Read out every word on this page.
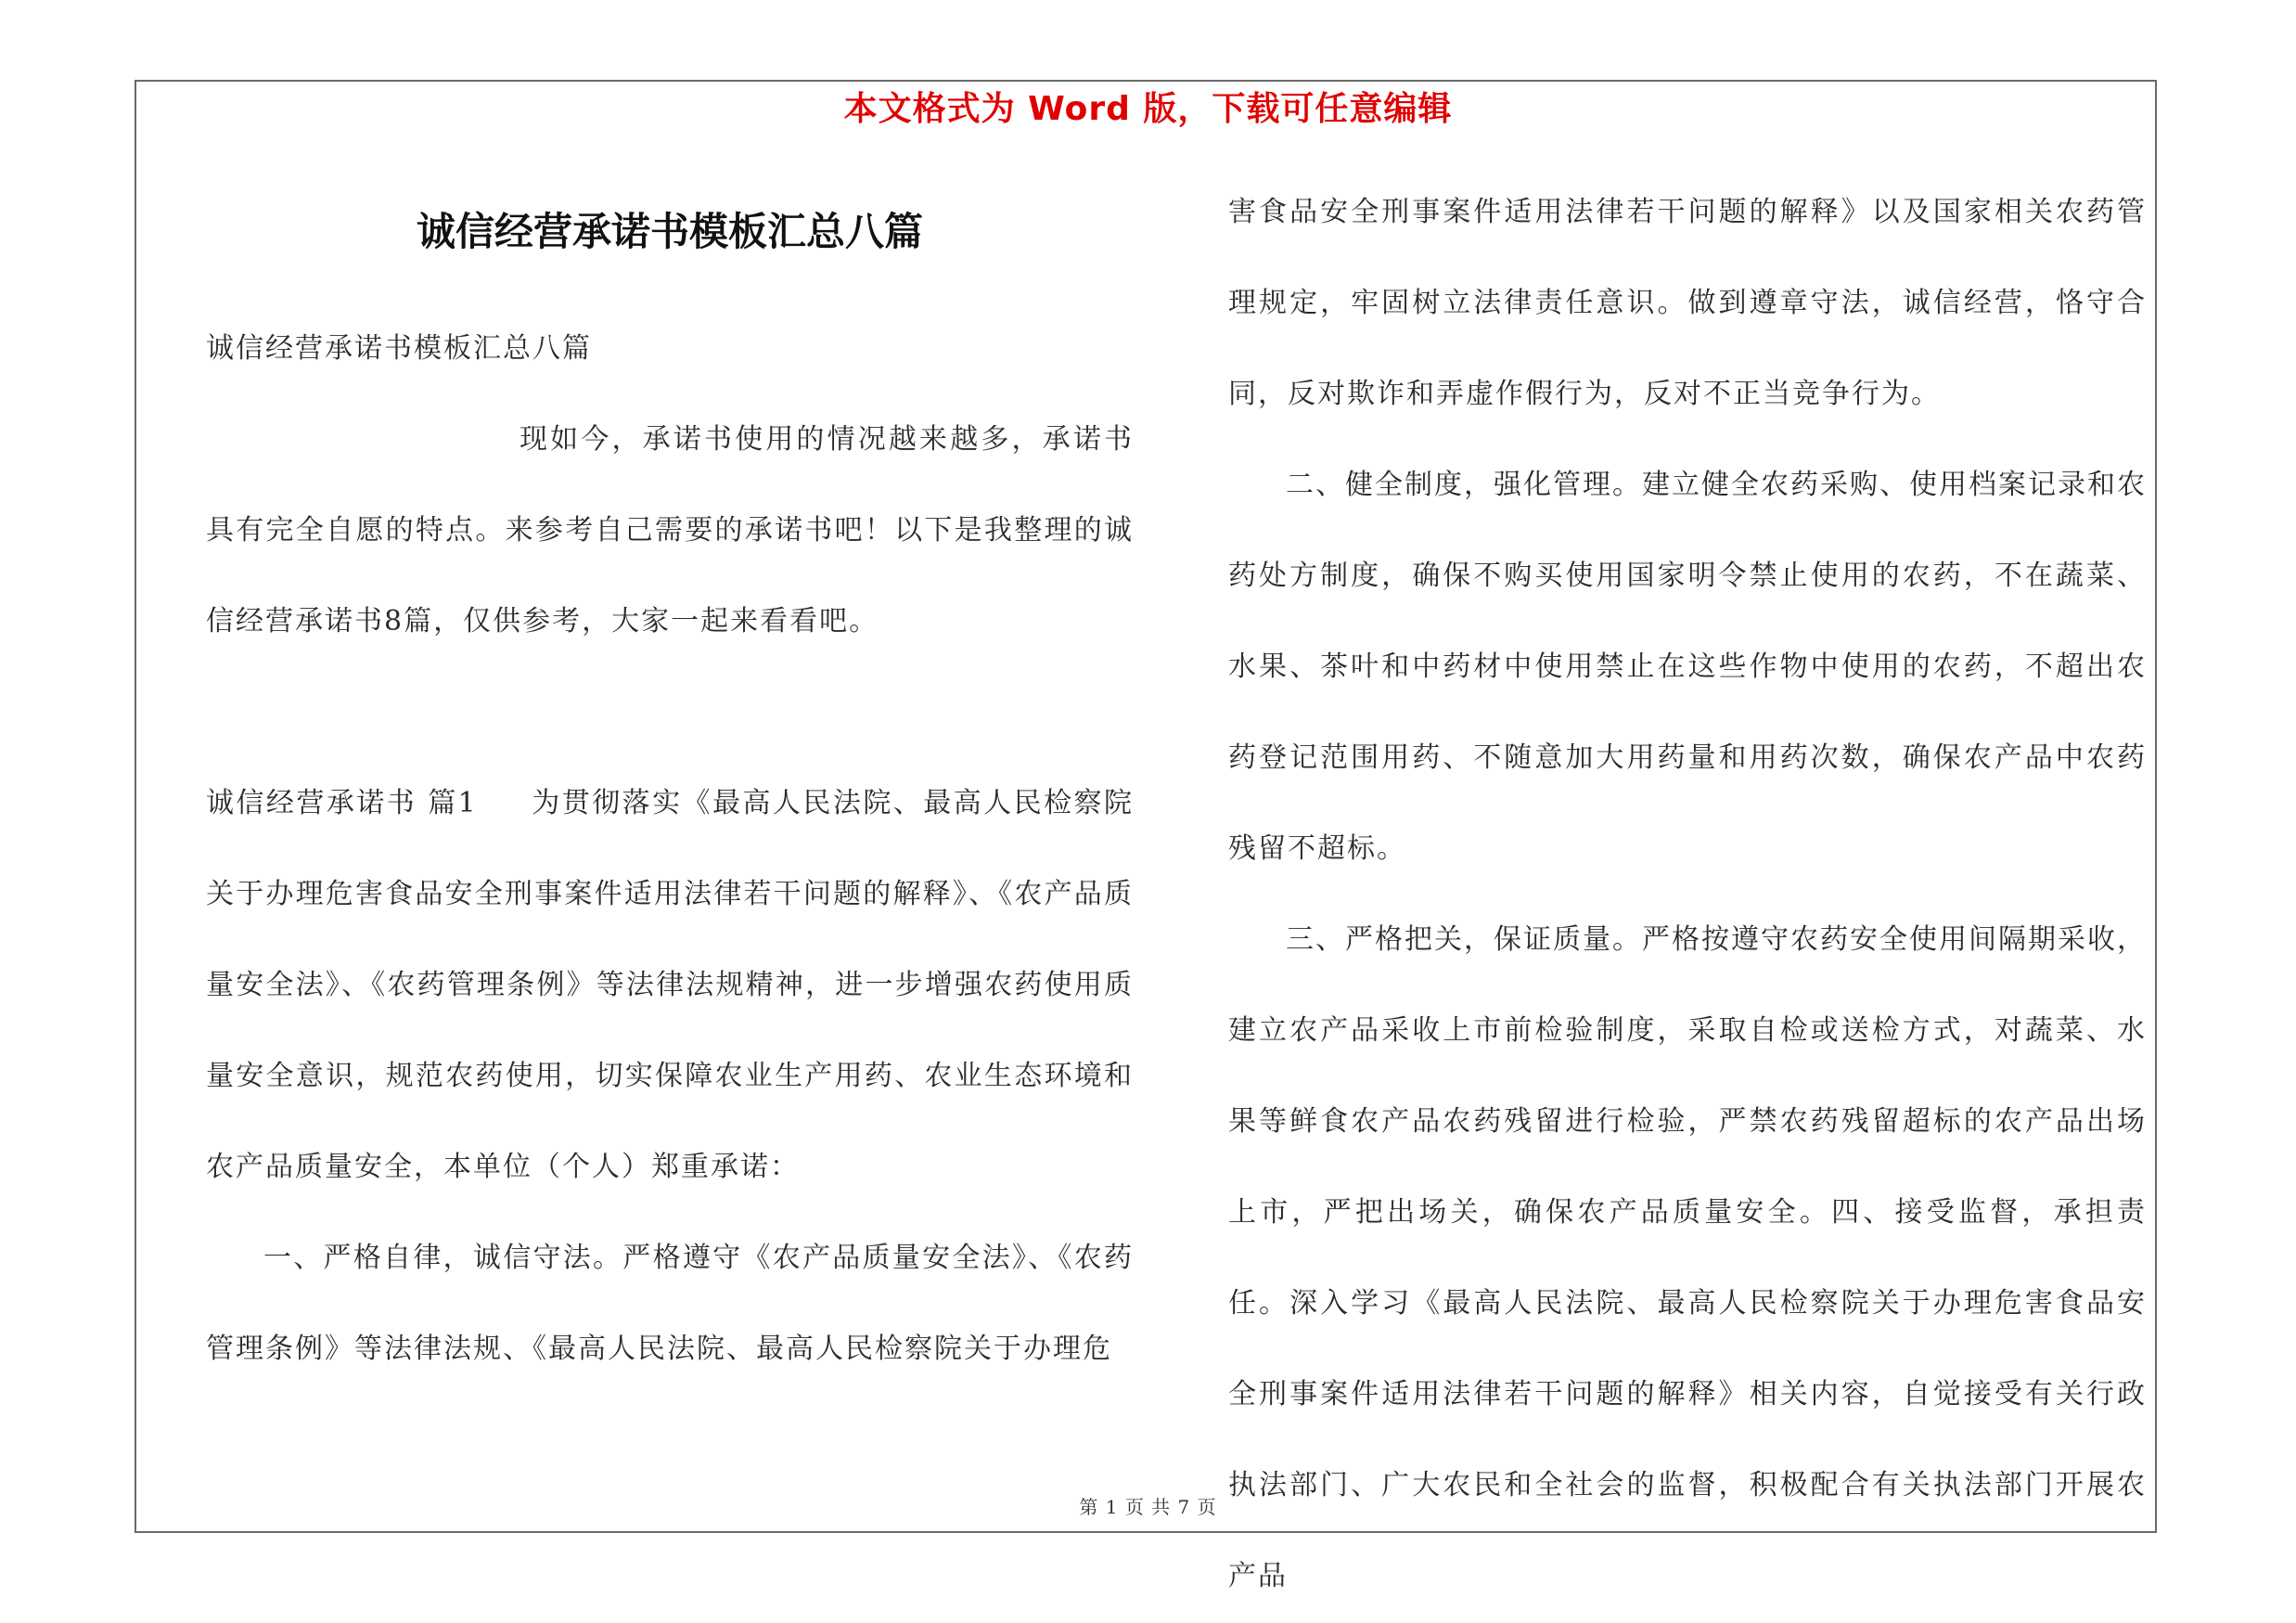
本文格式为 Word 版，下载可任意编辑
诚信经营承诺书模板汇总八篇

诚信经营承诺书模板汇总八篇

现如今，承诺书使用的情况越来越多，承诺书具有完全自愿的特点。来参考自己需要的承诺书吧！以下是我整理的诚信经营承诺书8篇，仅供参考，大家一起来看看吧。

诚信经营承诺书 篇1 为贯彻落实《最高人民法院、最高人民检察院关于办理危害食品安全刑事案件适用法律若干问题的解释》、《农产品质量安全法》、《农药管理条例》等法律法规精神，进一步增强农药使用质量安全意识，规范农药使用，切实保障农业生产用药、农业生态环境和农产品质量安全，本单位（个人）郑重承诺：

一、严格自律，诚信守法。严格遵守《农产品质量安全法》、《农药管理条例》等法律法规、《最高人民法院、最高人民检察院关于办理危

害食品安全刑事案件适用法律若干问题的解释》以及国家相关农药管理规定，牢固树立法律责任意识。做到遵章守法，诚信经营，恪守合同，反对欺诈和弄虚作假行为，反对不正当竞争行为。

二、健全制度，强化管理。建立健全农药采购、使用档案记录和农药处方制度，确保不购买使用国家明令禁止使用的农药，不在蔬菜、水果、茶叶和中药材中使用禁止在这些作物中使用的农药，不超出农药登记范围用药、不随意加大用药量和用药次数，确保农产品中农药残留不超标。

三、严格把关，保证质量。严格按遵守农药安全使用间隔期采收，建立农产品采收上市前检验制度，采取自检或送检方式，对蔬菜、水果等鲜食农产品农药残留进行检验，严禁农药残留超标的农产品出场上市，严把出场关，确保农产品质量安全。四、接受监督，承担责任。深入学习《最高人民法院、最高人民检察院关于办理危害食品安全刑事案件适用法律若干问题的解释》相关内容，自觉接受有关行政执法部门、广大农民和全社会的监督，积极配合有关执法部门开展农产品

第 1 页 共 7 页
